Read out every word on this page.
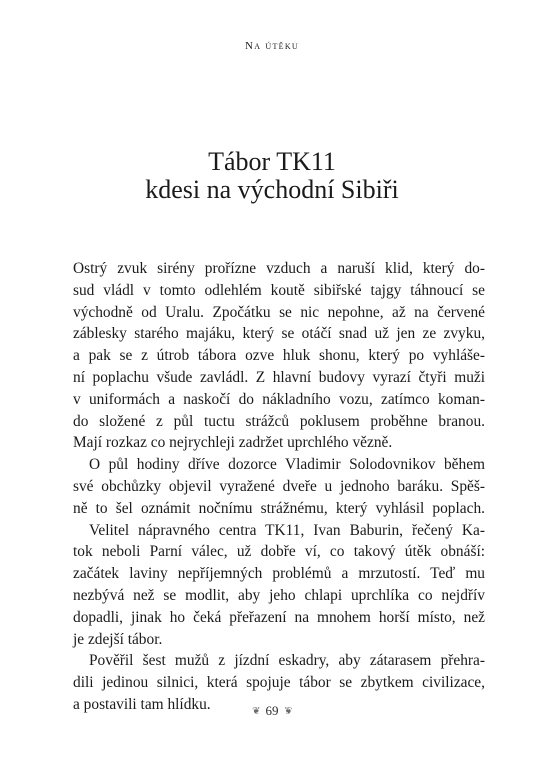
Na útěku
Tábor TK11
kdesi na východní Sibiři

Ostrý zvuk sirény prořízne vzduch a naruší klid, který do-
sud vládl v tomto odlehlém koutě sibiřské tajgy táhnoucí se
východně od Uralu. Zpočátku se nic nepohne, až na červené
záblesky starého majáku, který se otáčí snad už jen ze zvyku,
a pak se z útrob tábora ozve hluk shonu, který po vyhláše-
ní poplachu všude zavládl. Z hlavní budovy vyrazí čtyři muži
v uniformách a naskočí do nákladního vozu, zatímco koman-
do složené z půl tuctu strážců poklusem proběhne branou.
Mají rozkaz co nejrychleji zadržet uprchlého vězně.

O půl hodiny dříve dozorce Vladimir Solodovnikov během
své obchůzky objevil vyražené dveře u jednoho baráku. Spěš-
ně to šel oznámit nočnímu strážnému, který vyhlásil poplach.

Velitel nápravného centra TK11, Ivan Baburin, řečený Ka-
tok neboli Parní válec, už dobře ví, co takový útěk obnáší:
začátek laviny nepříjemných problémů a mrzutostí. Teď mu
nezbývá než se modlit, aby jeho chlapi uprchlíka co nejdřív
dopadli, jinak ho čeká přeřazení na mnohem horší místo, než
je zdejší tábor.

Pověřil šest mužů z jízdní eskadry, aby zátarasem přehra-
dili jedinou silnici, která spojuje tábor se zbytkem civilizace,
a postavili tam hlídku.	❦ 69 ❦
